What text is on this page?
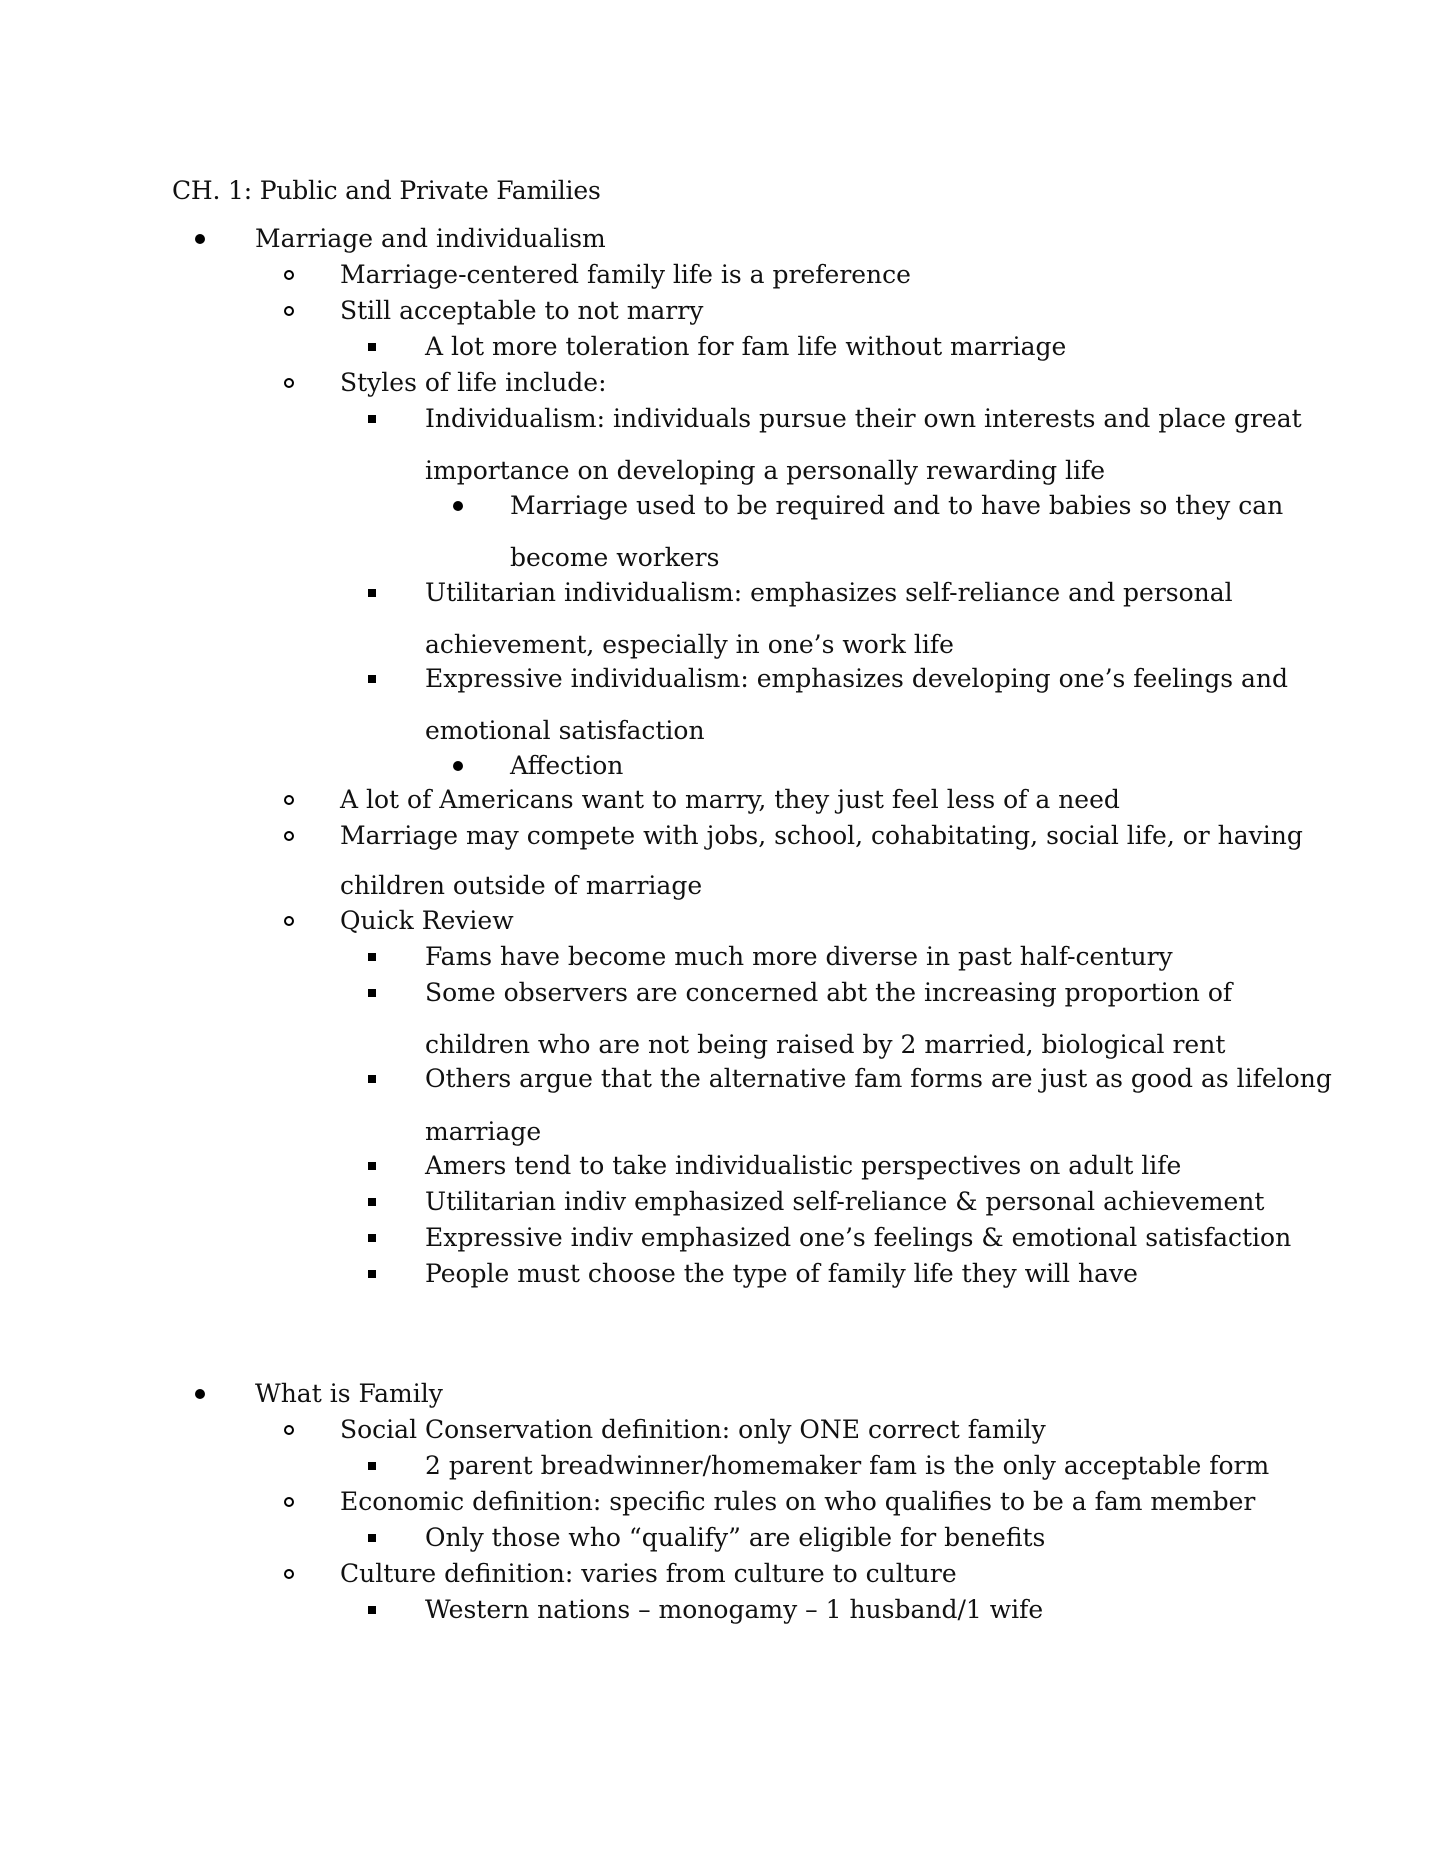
CH. 1: Public and Private Families
Marriage and individualism
Marriage-centered family life is a preference
Still acceptable to not marry
A lot more toleration for fam life without marriage
Styles of life include:
Individualism: individuals pursue their own interests and place great
importance on developing a personally rewarding life
Marriage used to be required and to have babies so they can
become workers
Utilitarian individualism: emphasizes self-reliance and personal
achievement, especially in one’s work life
Expressive individualism: emphasizes developing one’s feelings and
emotional satisfaction
Affection
A lot of Americans want to marry, they just feel less of a need
Marriage may compete with jobs, school, cohabitating, social life, or having
children outside of marriage
Quick Review
Fams have become much more diverse in past half-century
Some observers are concerned abt the increasing proportion of
children who are not being raised by 2 married, biological rent
Others argue that the alternative fam forms are just as good as lifelong
marriage
Amers tend to take individualistic perspectives on adult life
Utilitarian indiv emphasized self-reliance & personal achievement
Expressive indiv emphasized one’s feelings & emotional satisfaction
People must choose the type of family life they will have
What is Family
Social Conservation definition: only ONE correct family
2 parent breadwinner/homemaker fam is the only acceptable form
Economic definition: specific rules on who qualifies to be a fam member
Only those who “qualify” are eligible for benefits
Culture definition: varies from culture to culture
Western nations – monogamy – 1 husband/1 wife
